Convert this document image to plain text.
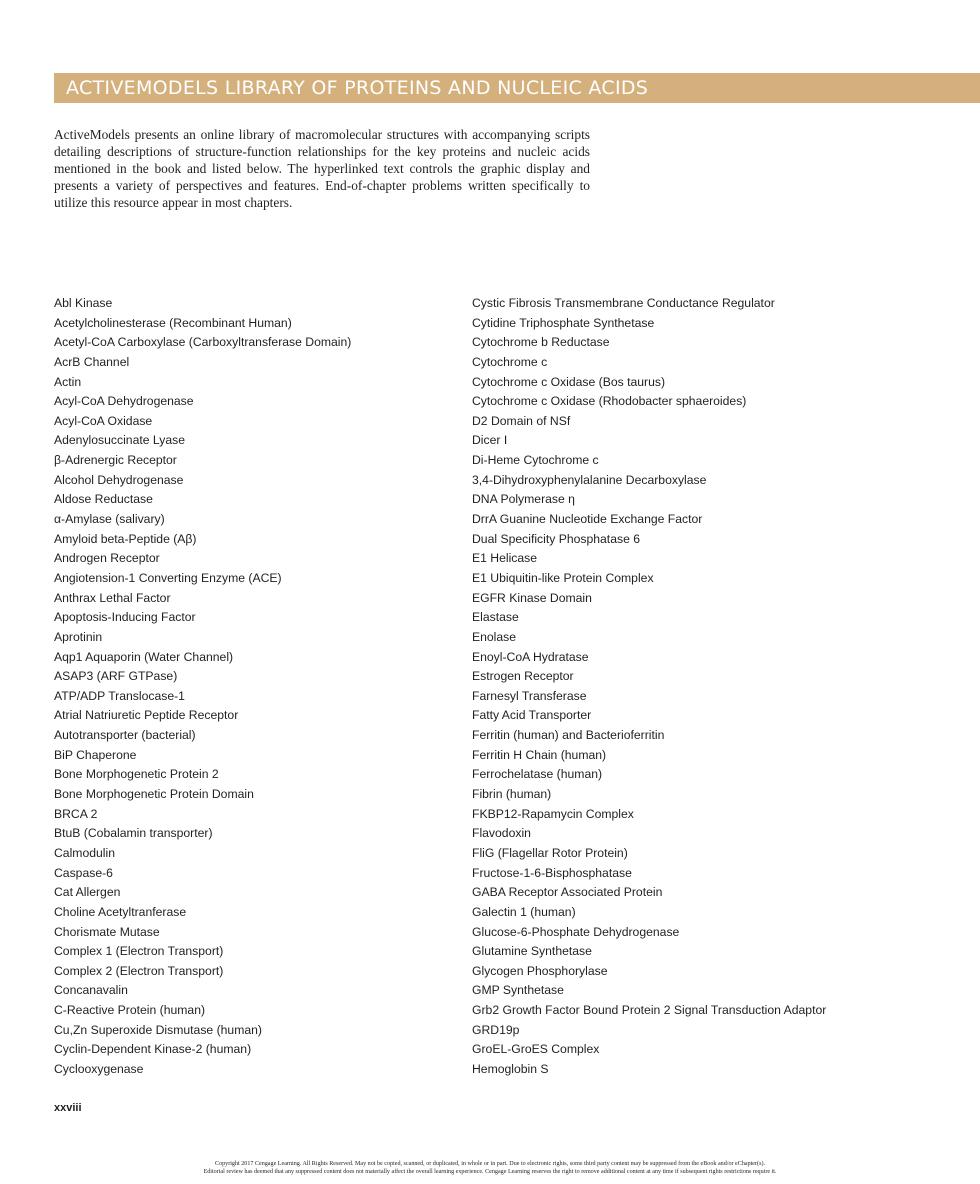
ACTIVEMODELS LIBRARY OF PROTEINS AND NUCLEIC ACIDS

ActiveModels presents an online library of macromolecular structures with accompanying scripts detailing descriptions of structure-function relationships for the key proteins and nucleic acids mentioned in the book and listed below. The hyperlinked text controls the graphic display and presents a variety of perspectives and features. End-of-chapter problems written specifically to utilize this resource appear in most chapters.

Abl Kinase
Acetylcholinesterase (Recombinant Human)
Acetyl-CoA Carboxylase (Carboxyltransferase Domain)
AcrB Channel
Actin
Acyl-CoA Dehydrogenase
Acyl-CoA Oxidase
Adenylosuccinate Lyase
β-Adrenergic Receptor
Alcohol Dehydrogenase
Aldose Reductase
α-Amylase (salivary)
Amyloid beta-Peptide (Aβ)
Androgen Receptor
Angiotension-1 Converting Enzyme (ACE)
Anthrax Lethal Factor
Apoptosis-Inducing Factor
Aprotinin
Aqp1 Aquaporin (Water Channel)
ASAP3 (ARF GTPase)
ATP/ADP Translocase-1
Atrial Natriuretic Peptide Receptor
Autotransporter (bacterial)
BiP Chaperone
Bone Morphogenetic Protein 2
Bone Morphogenetic Protein Domain
BRCA 2
BtuB (Cobalamin transporter)
Calmodulin
Caspase-6
Cat Allergen
Choline Acetyltranferase
Chorismate Mutase
Complex 1 (Electron Transport)
Complex 2 (Electron Transport)
Concanavalin
C-Reactive Protein (human)
Cu,Zn Superoxide Dismutase (human)
Cyclin-Dependent Kinase-2 (human)
Cyclooxygenase
Cystic Fibrosis Transmembrane Conductance Regulator
Cytidine Triphosphate Synthetase
Cytochrome b Reductase
Cytochrome c
Cytochrome c Oxidase (Bos taurus)
Cytochrome c Oxidase (Rhodobacter sphaeroides)
D2 Domain of NSf
Dicer I
Di-Heme Cytochrome c
3,4-Dihydroxyphenylalanine Decarboxylase
DNA Polymerase η
DrrA Guanine Nucleotide Exchange Factor
Dual Specificity Phosphatase 6
E1 Helicase
E1 Ubiquitin-like Protein Complex
EGFR Kinase Domain
Elastase
Enolase
Enoyl-CoA Hydratase
Estrogen Receptor
Farnesyl Transferase
Fatty Acid Transporter
Ferritin (human) and Bacterioferritin
Ferritin H Chain (human)
Ferrochelatase (human)
Fibrin (human)
FKBP12-Rapamycin Complex
Flavodoxin
FliG (Flagellar Rotor Protein)
Fructose-1-6-Bisphosphatase
GABA Receptor Associated Protein
Galectin 1 (human)
Glucose-6-Phosphate Dehydrogenase
Glutamine Synthetase
Glycogen Phosphorylase
GMP Synthetase
Grb2 Growth Factor Bound Protein 2 Signal Transduction Adaptor
GRD19p
GroEL-GroES Complex
Hemoglobin S
xxviii
Copyright 2017 Cengage Learning. All Rights Reserved. May not be copied, scanned, or duplicated, in whole or in part. Due to electronic rights, some third party content may be suppressed from the eBook and/or eChapter(s).
Editorial review has deemed that any suppressed content does not materially affect the overall learning experience. Cengage Learning reserves the right to remove additional content at any time if subsequent rights restrictions require it.
